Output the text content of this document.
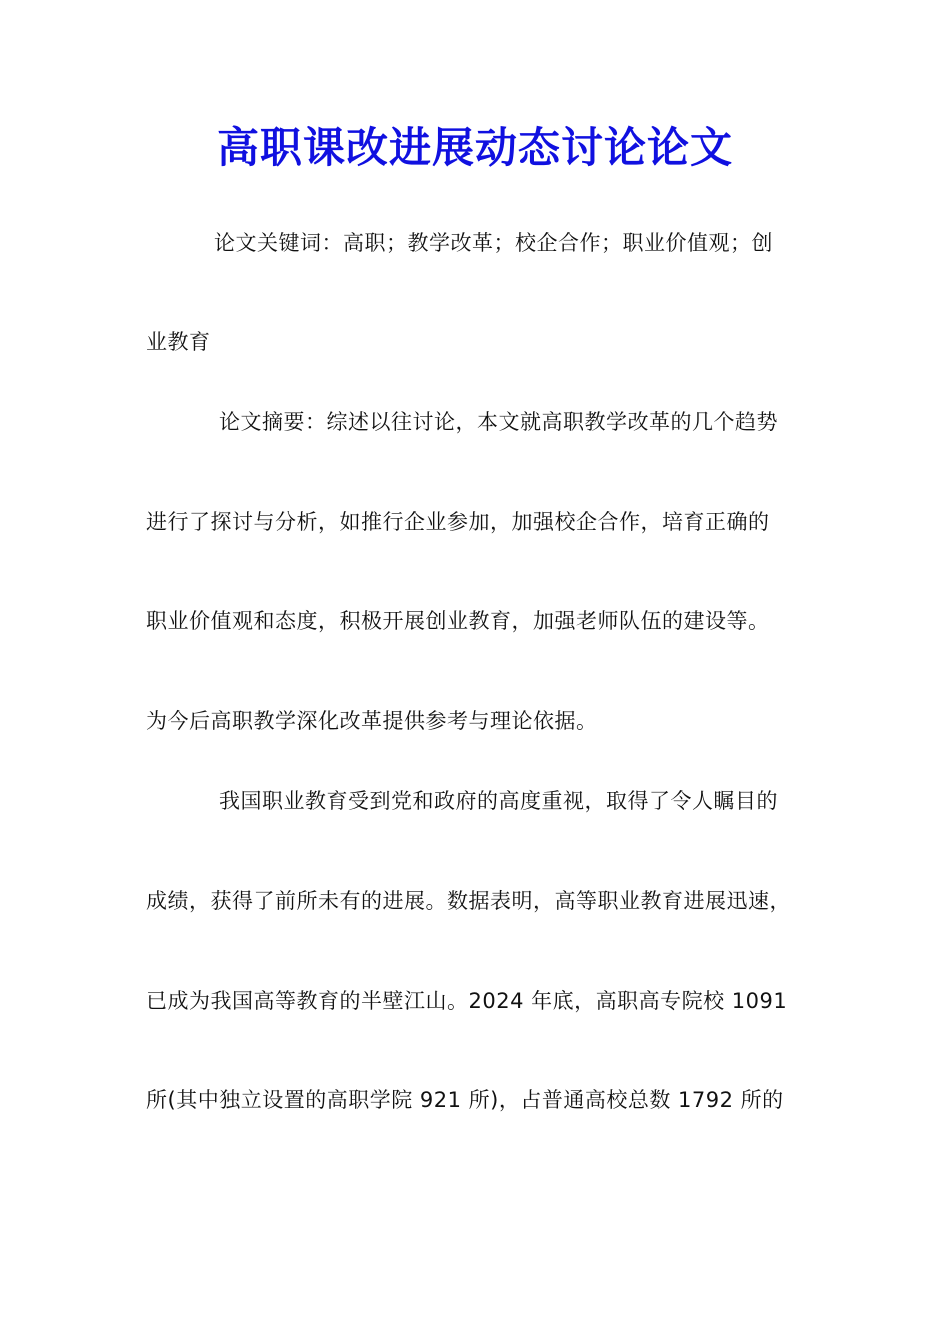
高职课改进展动态讨论论文
论文关键词：高职；教学改革；校企合作；职业价值观；创
业教育
论文摘要：综述以往讨论，本文就高职教学改革的几个趋势
进行了探讨与分析，如推行企业参加，加强校企合作，培育正确的
职业价值观和态度，积极开展创业教育，加强老师队伍的建设等。
为今后高职教学深化改革提供参考与理论依据。
我国职业教育受到党和政府的高度重视，取得了令人瞩目的
成绩，获得了前所未有的进展。数据表明，高等职业教育进展迅速，
已成为我国高等教育的半壁江山。2024 年底，高职高专院校 1091
所(其中独立设置的高职学院 921 所)，占普通高校总数 1792 所的
